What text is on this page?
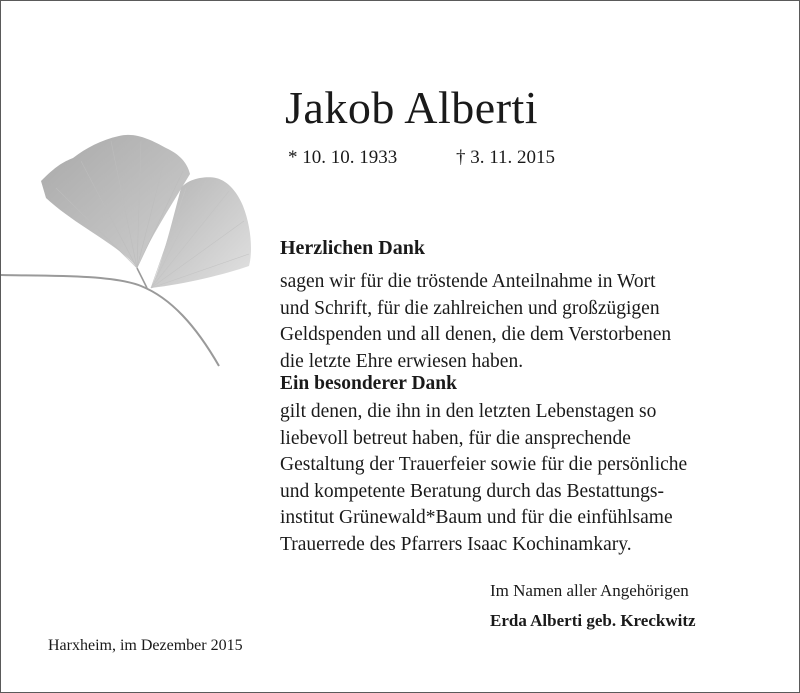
Jakob Alberti
* 10. 10. 1933	† 3. 11. 2015
Herzlichen Dank
sagen wir für die tröstende Anteilnahme in Wort
und Schrift, für die zahlreichen und großzügigen
Geldspenden und all denen, die dem Verstorbenen
die letzte Ehre erwiesen haben.
Ein besonderer Dank
gilt denen, die ihn in den letzten Lebenstagen so
liebevoll betreut haben, für die ansprechende
Gestaltung der Trauerfeier sowie für die persönliche
und kompetente Beratung durch das Bestattungs-
institut Grünewald*Baum und für die einfühlsame
Trauerrede des Pfarrers Isaac Kochinamkary.
Im Namen aller Angehörigen
Erda Alberti geb. Kreckwitz
Harxheim, im Dezember 2015
